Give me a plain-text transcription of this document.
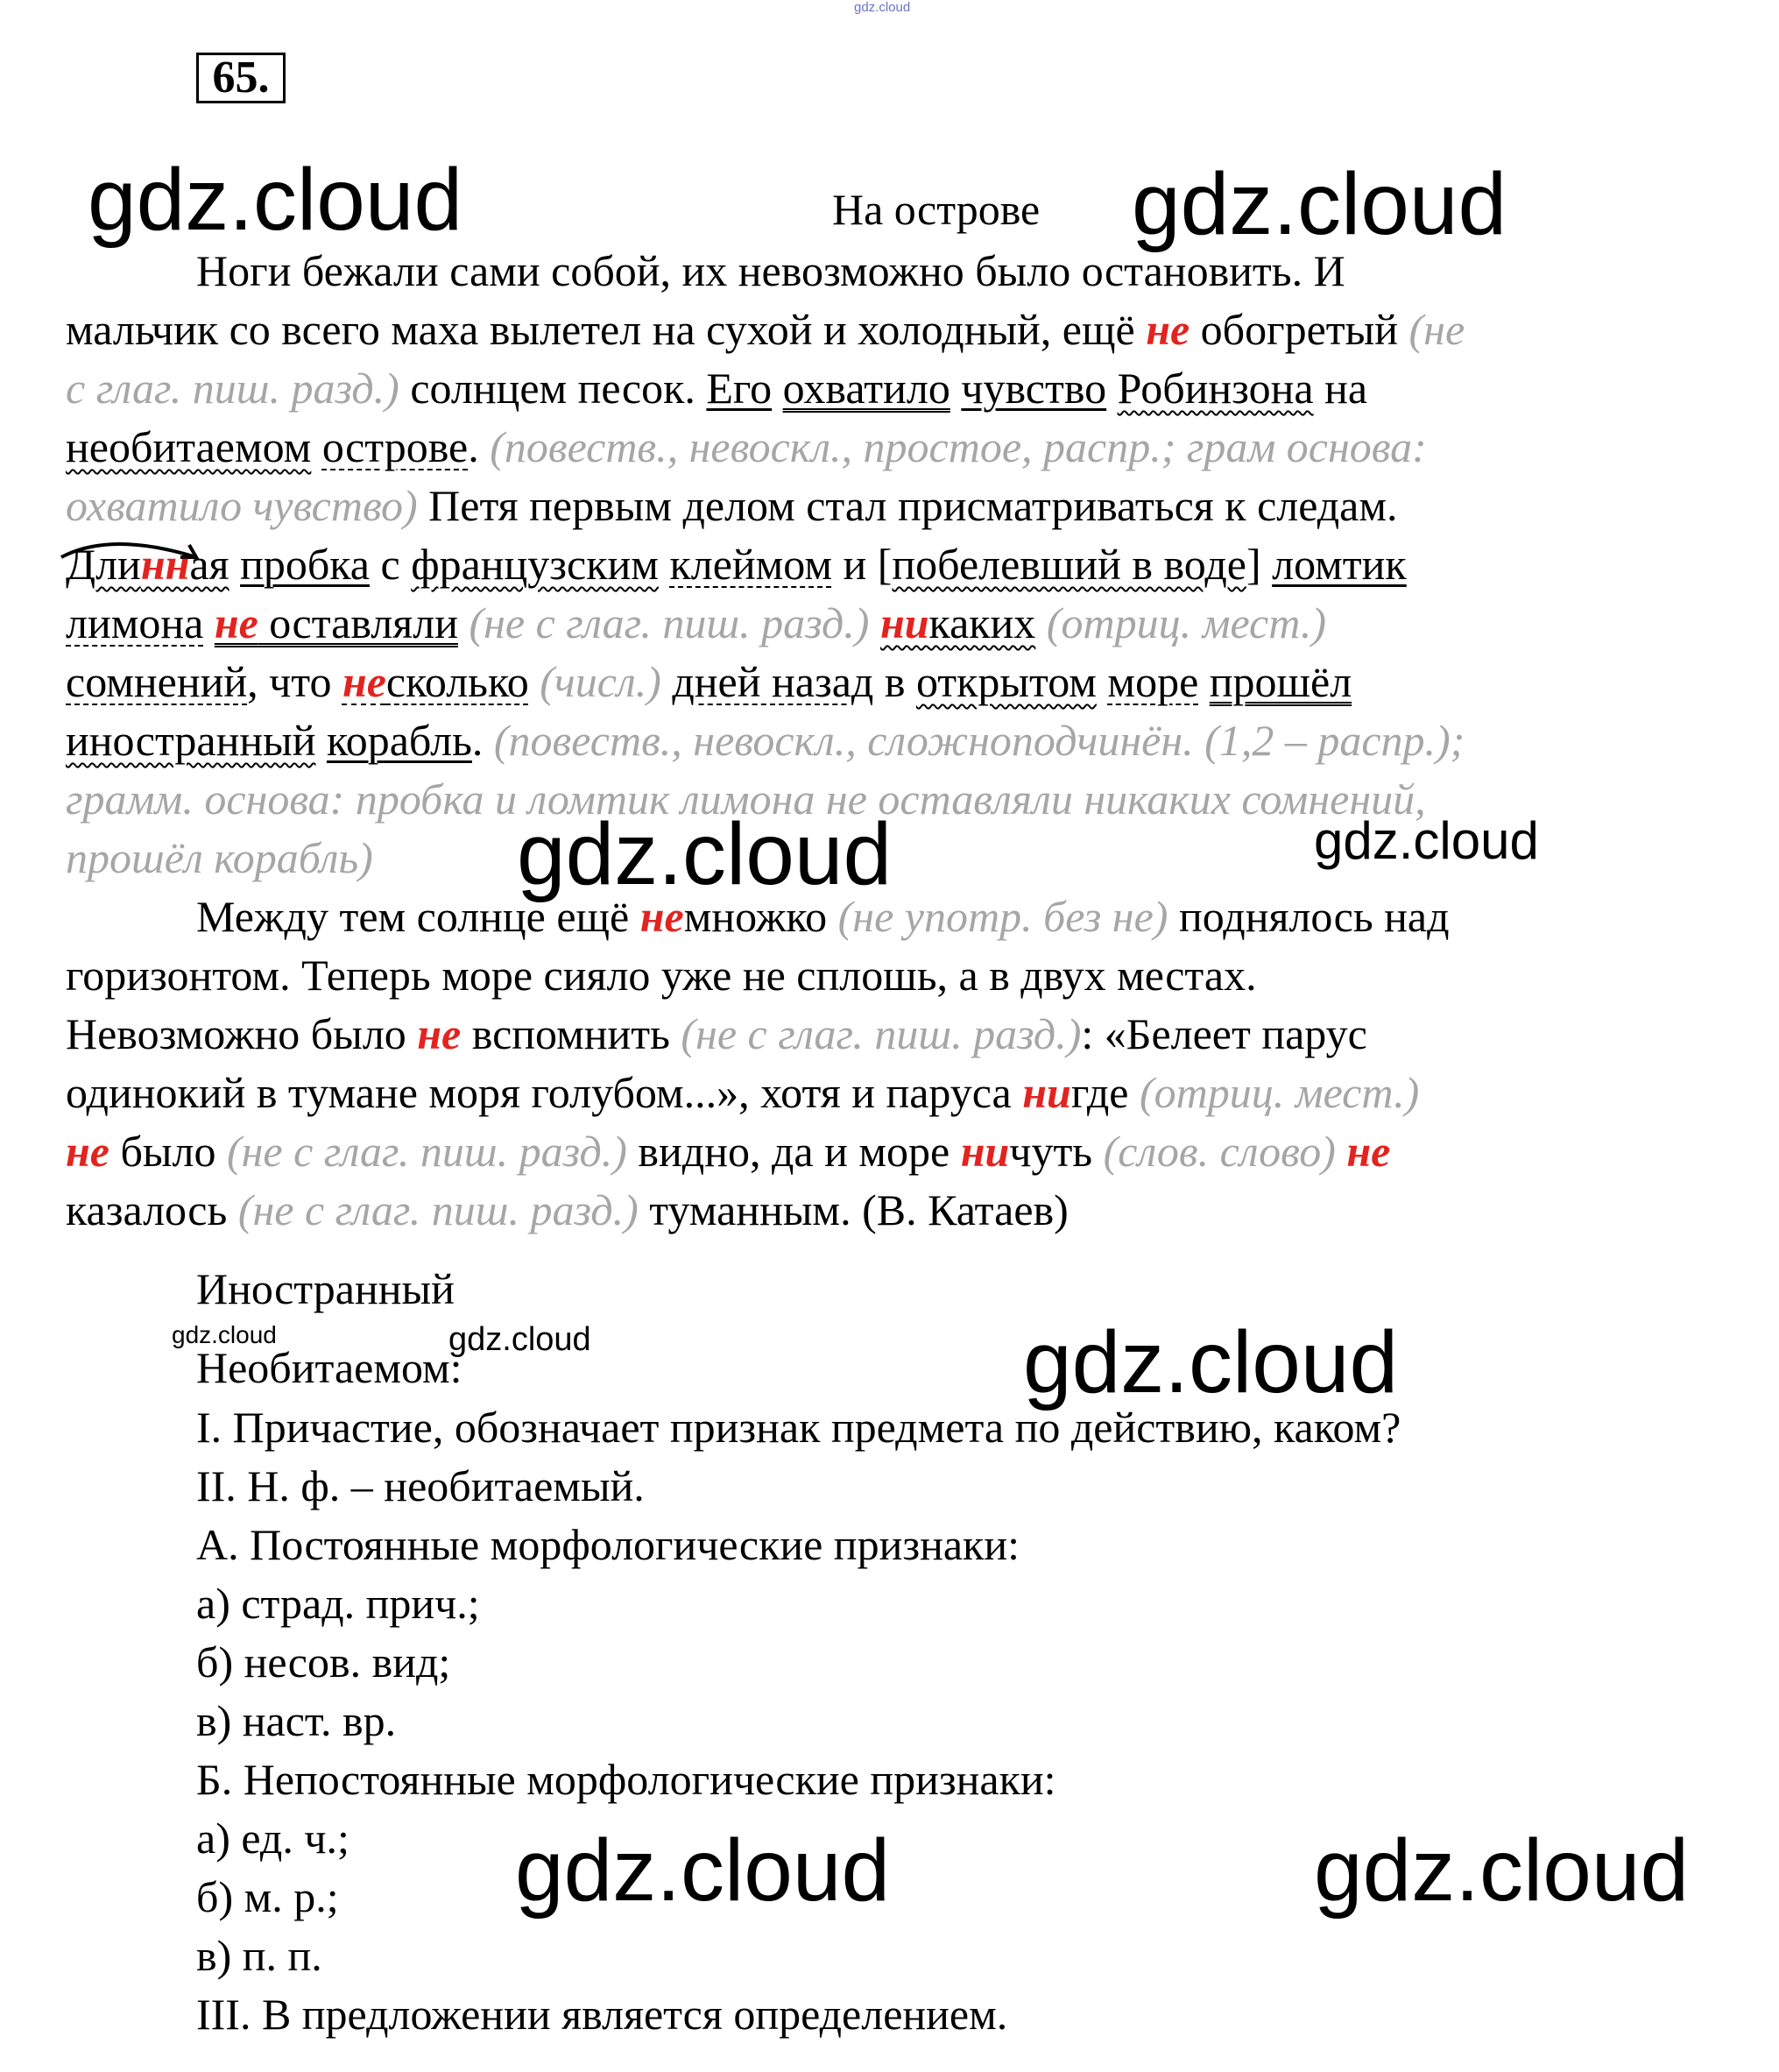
gdz.cloud
65.
gdz.cloud	На острове gdz.cloud
Ноги бежали сами собой, их невозможно было остановить. И
мальчик со всего маха вылетел на сухой и холодный, ещё не обогретый (не
с глаг. пиш. разд.) солнцем песок. Его охватило чувство Робинзона на
необитаемом острове. (повеств., невоскл., простое, распр.; грам основа:
охватило чувство) Петя первым делом стал присматриваться к следам.
Длинная пробка с французским клеймом и [побелевший в воде] ломтик
лимона не оставляли (не с глаг. пиш. разд.) никаких (отриц. мест.)
сомнений, что несколько (числ.) дней назад в открытом море прошёл
иностранный корабль. (повеств., невоскл., сложноподчинён. (1,2 – распр.);
грамм. основа: пробка и ломтик лимона не оставляли никаких сомнений,
прошёл корабль) gdz.cloud	gdz.cloud
Между тем солнце ещё немножко (не употр. без не) поднялось над
горизонтом. Теперь море сияло уже не сплошь, а в двух местах.
Невозможно было не вспомнить (не с глаг. пиш. разд.): «Белеет парус
одинокий в тумане моря голубом...», хотя и паруса нигде (отриц. мест.)
не было (не с глаг. пиш. разд.) видно, да и море ничуть (слов. слово) не
казалось (не с глаг. пиш. разд.) туманным. (В. Катаев)
Иностранный
gdz.cloud	gdz.cloud
Необитаемом:	gdz.cloud
I. Причастие, обозначает признак предмета по действию, каком?
II. Н. ф. – необитаемый.
А. Постоянные морфологические признаки:
а) страд. прич.;
б) несов. вид;
в) наст. вр.
Б. Непостоянные морфологические признаки:
а) ед. ч.;
б) м. р.;
в) п. п.
III. В предложении является определением.
gdz.cloud	gdz.cloud
